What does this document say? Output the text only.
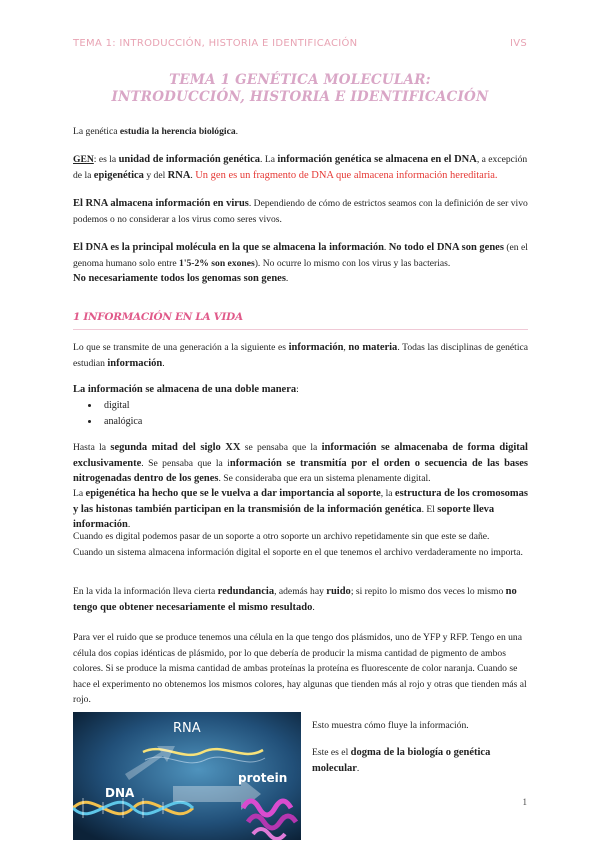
TEMA 1: INTRODUCCIÓN, HISTORIA E IDENTIFICACIÓN	IVS
TEMA 1 GENÉTICA MOLECULAR: INTRODUCCIÓN, HISTORIA E IDENTIFICACIÓN
La genética estudia la herencia biológica.
GEN: es la unidad de información genética. La información genética se almacena en el DNA, a excepción de la epigenética y del RNA. Un gen es un fragmento de DNA que almacena información hereditaria.
El RNA almacena información en virus. Dependiendo de cómo de estrictos seamos con la definición de ser vivo podemos o no considerar a los virus como seres vivos.
El DNA es la principal molécula en la que se almacena la información. No todo el DNA son genes (en el genoma humano solo entre 1'5-2% son exones). No ocurre lo mismo con los virus y las bacterias.
No necesariamente todos los genomas son genes.
1 INFORMACIÓN EN LA VIDA
Lo que se transmite de una generación a la siguiente es información, no materia. Todas las disciplinas de genética estudian información.
La información se almacena de una doble manera:
• digital
• analógica
Hasta la segunda mitad del siglo XX se pensaba que la información se almacenaba de forma digital exclusivamente. Se pensaba que la información se transmitía por el orden o secuencia de las bases nitrogenadas dentro de los genes. Se consideraba que era un sistema plenamente digital.
La epigenética ha hecho que se le vuelva a dar importancia al soporte, la estructura de los cromosomas y las histonas también participan en la transmisión de la información genética. El soporte lleva información.
Cuando es digital podemos pasar de un soporte a otro soporte un archivo repetidamente sin que este se dañe.
Cuando un sistema almacena información digital el soporte en el que tenemos el archivo verdaderamente no importa.
En la vida la información lleva cierta redundancia, además hay ruido; si repito lo mismo dos veces lo mismo no tengo que obtener necesariamente el mismo resultado.
Para ver el ruido que se produce tenemos una célula en la que tengo dos plásmidos, uno de YFP y RFP. Tengo en una célula dos copias idénticas de plásmido, por lo que debería de producir la misma cantidad de pigmento de ambos colores. Si se produce la misma cantidad de ambas proteínas la proteína es fluorescente de color naranja. Cuando se hace el experimento no obtenemos los mismos colores, hay algunas que tienden más al rojo y otras que tienden más al rojo.
RNA
protein
DNA
Esto muestra cómo fluye la información.
Este es el dogma de la biología o genética molecular.
1
